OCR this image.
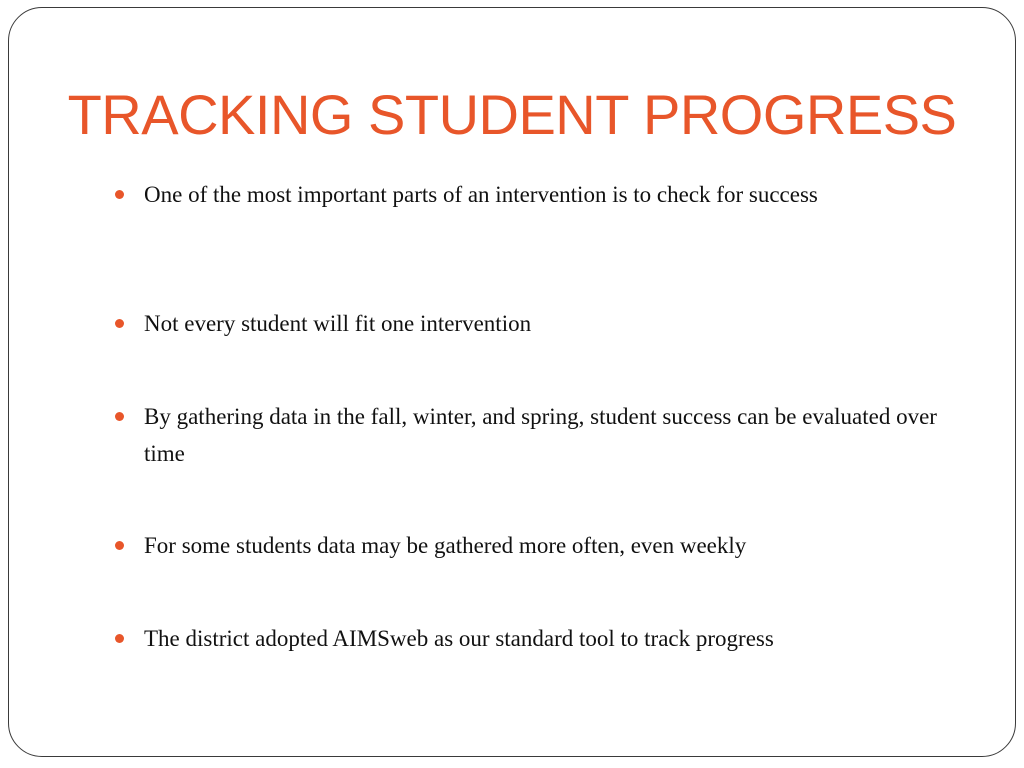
TRACKING STUDENT PROGRESS
One of the most important parts of an intervention is to check for success
Not every student will fit one intervention
By gathering data in the fall, winter, and spring, student success can be evaluated over time
For some students data may be gathered more often, even weekly
The district adopted AIMSweb as our standard tool to track progress
